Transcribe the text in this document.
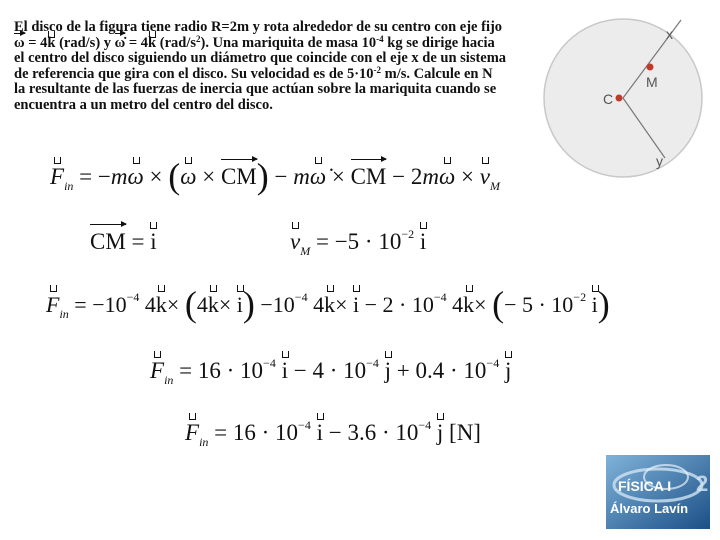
El disco de la figura tiene radio R=2m y rota alrededor de su centro con eje fijo
ω = 4k (rad/s) y ω̇ = 4k $(rad/s^2)$. Una mariquita de masa $10^{-4}$ kg se dirige hacia
el centro del disco siguiendo un diámetro que coincide con el eje x de un sistema
de referencia que gira con el disco. Su velocidad es de $5\cdot 10^{-2}$ m/s. Calcule en N
la resultante de las fuerzas de inercia que actúan sobre la mariquita cuando se
encuentra a un metro del centro del disco.
x
y
C
M
$F_{in} = -m\omega \times (\omega \times CM)$ − mω̇ × CM − $2m\omega \times v_M$
CM = i	$v_M = -5 \cdot 10^{-2}$ i
$F_{in} = -10^{-4}$ $4k\times (4k\times i) -10^{-4}$ $4k\times i - 2 \cdot 10^{-4}$ 4k× (− $5 \cdot 10^{-2}$ i)
$F_{in} = 16 \cdot 10^{-4}$ $i - 4 \cdot 10^{-4}$ $j + 0.4 \cdot 10^{-4}$ j
$F_{in} = 16 \cdot 10^{-4}$ $i - 3.6 \cdot 10^{-4}$ j [N]
2
FÍSICA I
Álvaro Lavín
